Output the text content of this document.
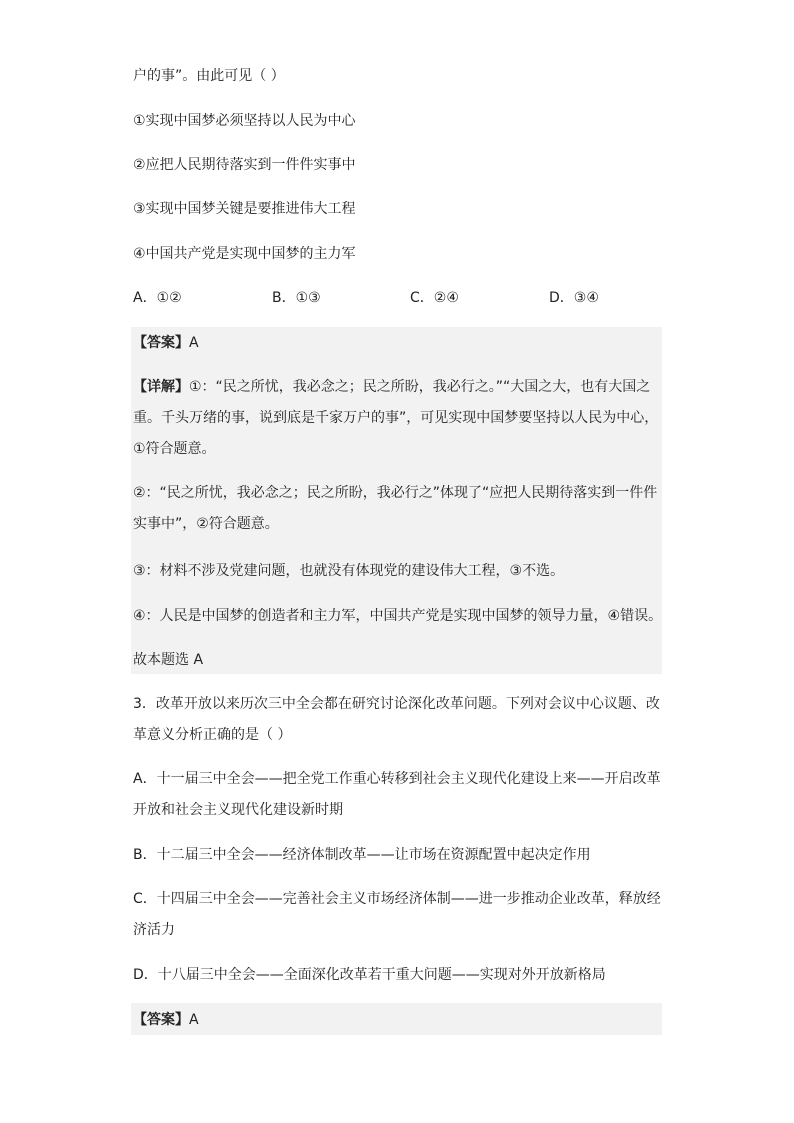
户的事”。由此可见（ ）
①实现中国梦必须坚持以人民为中心
②应把人民期待落实到一件件实事中
③实现中国梦关键是要推进伟大工程
④中国共产党是实现中国梦的主力军
A．①②	B．①③	C．②④	D．③④
【答案】A
【详解】①：“民之所忧，我必念之；民之所盼，我必行之。”“大国之大，也有大国之重。千头万绪的事，说到底是千家万户的事”，可见实现中国梦要坚持以人民为中心，①符合题意。
②：“民之所忧，我必念之；民之所盼，我必行之”体现了“应把人民期待落实到一件件实事中”，②符合题意。
③：材料不涉及党建问题，也就没有体现党的建设伟大工程，③不选。
④：人民是中国梦的创造者和主力军，中国共产党是实现中国梦的领导力量，④错误。
故本题选 A
3．改革开放以来历次三中全会都在研究讨论深化改革问题。下列对会议中心议题、改革意义分析正确的是（ ）
A．十一届三中全会——把全党工作重心转移到社会主义现代化建设上来——开启改革开放和社会主义现代化建设新时期
B．十二届三中全会——经济体制改革——让市场在资源配置中起决定作用
C．十四届三中全会——完善社会主义市场经济体制——进一步推动企业改革，释放经济活力
D．十八届三中全会——全面深化改革若干重大问题——实现对外开放新格局
【答案】A
